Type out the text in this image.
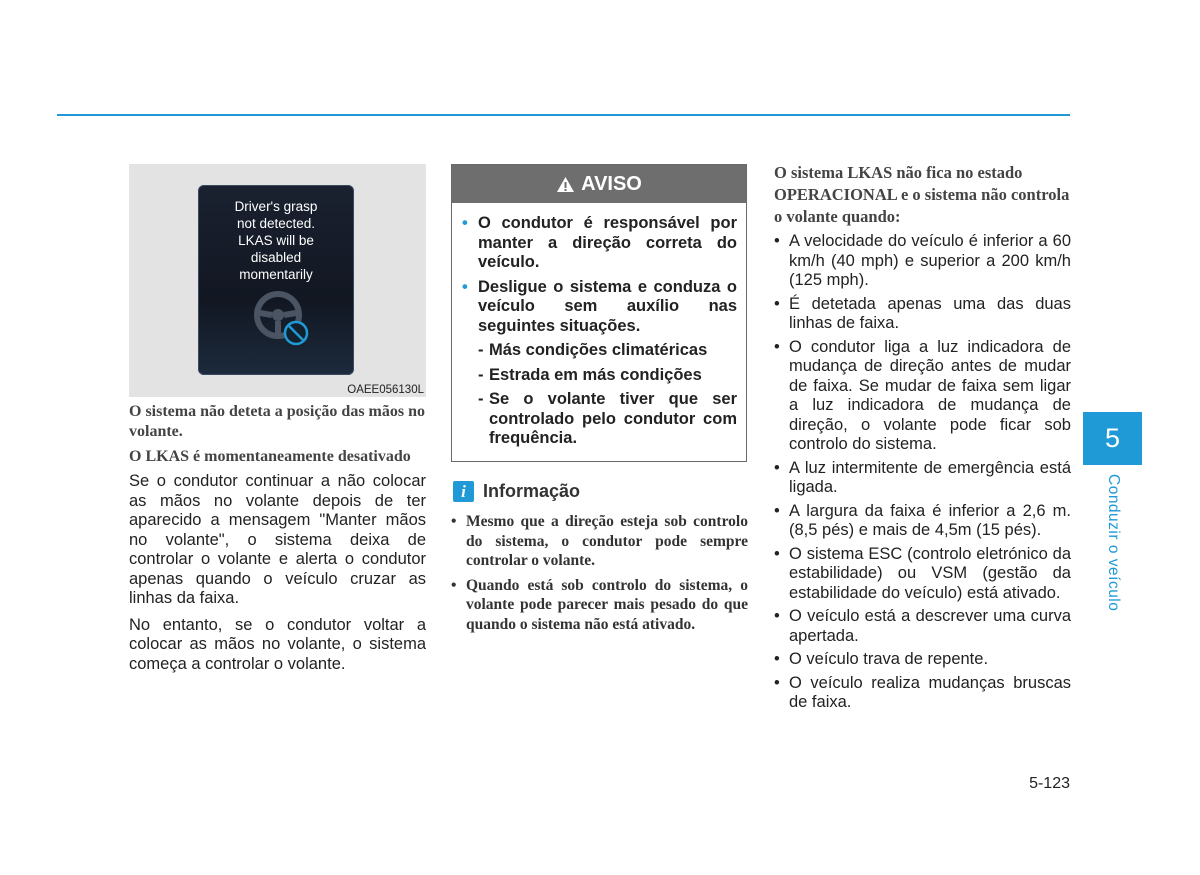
Driver's grasp
not detected.
LKAS will be
disabled
momentarily
OAEE056130L
O sistema não deteta a posição das mãos no volante.
O LKAS é momentaneamente desativado

Se o condutor continuar a não colocar as mãos no volante depois de ter aparecido a mensagem "Manter mãos no volante", o sistema deixa de controlar o volante e alerta o condutor apenas quando o veículo cruzar as linhas da faixa.

No entanto, se o condutor voltar a colocar as mãos no volante, o sistema começa a controlar o volante.

AVISO
• O condutor é responsável por manter a direção correta do veículo.
• Desligue o sistema e conduza o veículo sem auxílio nas seguintes situações.
- Más condições climatéricas
- Estrada em más condições
- Se o volante tiver que ser controlado pelo condutor com frequência.
i Informação
• Mesmo que a direção esteja sob controlo do sistema, o condutor pode sempre controlar o volante.
• Quando está sob controlo do sistema, o volante pode parecer mais pesado do que quando o sistema não está ativado.
O sistema LKAS não fica no estado OPERACIONAL e o sistema não controla o volante quando:
• A velocidade do veículo é inferior a 60 km/h (40 mph) e superior a 200 km/h (125 mph).
• É detetada apenas uma das duas linhas de faixa.
• O condutor liga a luz indicadora de mudança de direção antes de mudar de faixa. Se mudar de faixa sem ligar a luz indicadora de mudança de direção, o volante pode ficar sob controlo do sistema.
• A luz intermitente de emergência está ligada.
• A largura da faixa é inferior a 2,6 m. (8,5 pés) e mais de 4,5m (15 pés).
• O sistema ESC (controlo eletrónico da estabilidade) ou VSM (gestão da estabilidade do veículo) está ativado.
• O veículo está a descrever uma curva apertada.
• O veículo trava de repente.
• O veículo realiza mudanças bruscas de faixa.
5-123
5
Conduzir o veículo
